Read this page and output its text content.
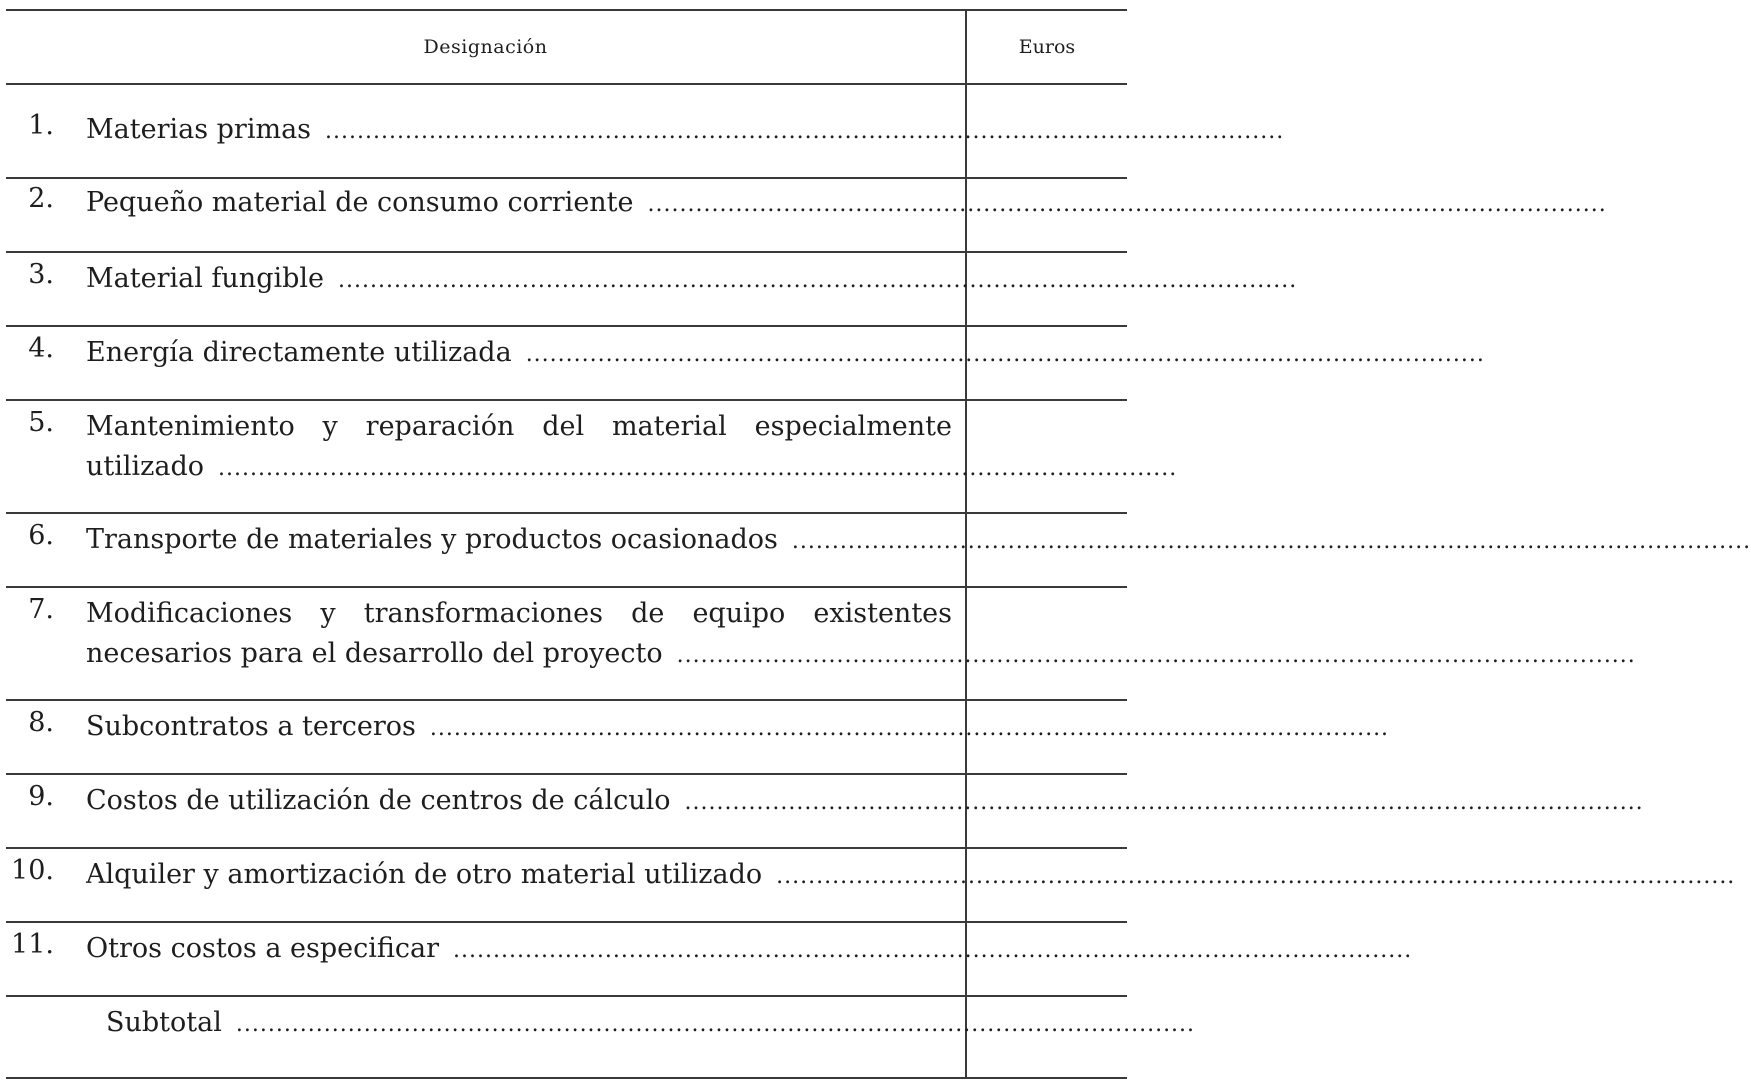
Designación	Euros
1. Materias primas ........................................................................................................................
2. Pequeño material de consumo corriente ........................................................................................................................
3. Material fungible ........................................................................................................................
4. Energía directamente utilizada ........................................................................................................................
5. Mantenimiento y reparación del material especialmente
utilizado ........................................................................................................................
6. Transporte de materiales y productos ocasionados ........................................................................................................................
7. Modificaciones y transformaciones de equipo existentes
necesarios para el desarrollo del proyecto ........................................................................................................................
8. Subcontratos a terceros ........................................................................................................................
9. Costos de utilización de centros de cálculo ........................................................................................................................
10. Alquiler y amortización de otro material utilizado ........................................................................................................................
11. Otros costos a especificar ........................................................................................................................
Subtotal ........................................................................................................................
